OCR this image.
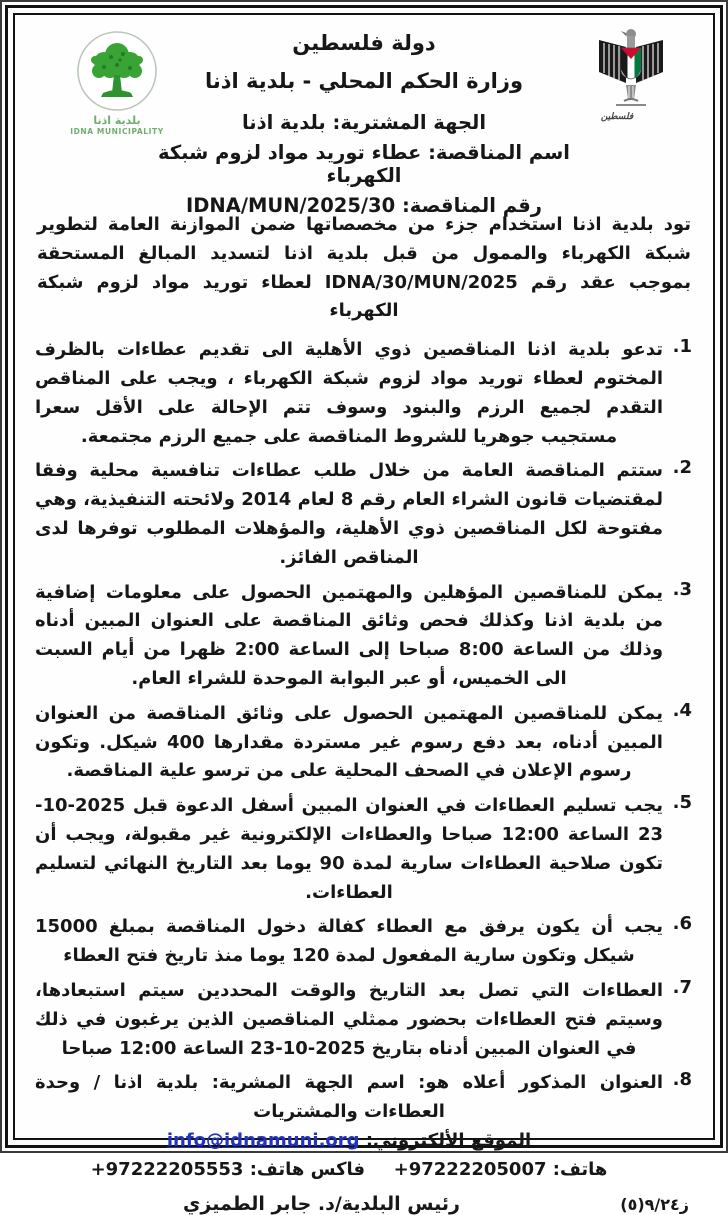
بلدية اذنا
IDNA MUNICIPALITY
فلسطين
دولة فلسطين
وزارة الحكم المحلي - بلدية اذنا
الجهة المشترية: بلدية اذنا
اسم المناقصة: عطاء توريد مواد لزوم شبكة الكهرباء
رقم المناقصة: IDNA/MUN/2025/30
تود بلدية اذنا استخدام جزء من مخصصاتها ضمن الموازنة العامة لتطوير شبكة الكهرباء والممول من قبل بلدية اذنا لتسديد المبالغ المستحقة بموجب عقد رقم IDNA/30/MUN/2025 لعطاء توريد مواد لزوم شبكة الكهرباء
1.
تدعو بلدية اذنا المناقصين ذوي الأهلية الى تقديم عطاءات بالظرف المختوم لعطاء توريد مواد لزوم شبكة الكهرباء ، ويجب على المناقص التقدم لجميع الرزم والبنود وسوف تتم الإحالة على الأقل سعرا مستجيب جوهريا للشروط المناقصة على جميع الرزم مجتمعة.
2.
ستتم المناقصة العامة من خلال طلب عطاءات تنافسية محلية وفقا لمقتضيات قانون الشراء العام رقم 8 لعام 2014 ولائحته التنفيذية، وهي مفتوحة لكل المناقصين ذوي الأهلية، والمؤهلات المطلوب توفرها لدى المناقص الفائز.
3.
يمكن للمناقصين المؤهلين والمهتمين الحصول على معلومات إضافية من بلدية اذنا وكذلك فحص وثائق المناقصة على العنوان المبين أدناه وذلك من الساعة 8:00 صباحا إلى الساعة 2:00 ظهرا من أيام السبت الى الخميس، أو عبر البوابة الموحدة للشراء العام.
4.
يمكن للمناقصين المهتمين الحصول على وثائق المناقصة من العنوان المبين أدناه، بعد دفع رسوم غير مستردة مقدارها 400 شيكل. وتكون رسوم الإعلان في الصحف المحلية على من ترسو علية المناقصة.
5.
يجب تسليم العطاءات في العنوان المبين أسفل الدعوة قبل 2025-10-23 الساعة 12:00 صباحا والعطاءات الإلكترونية غير مقبولة، ويجب أن تكون صلاحية العطاءات سارية لمدة 90 يوما بعد التاريخ النهائي لتسليم العطاءات.
6.
يجب أن يكون يرفق مع العطاء كفالة دخول المناقصة بمبلغ 15000 شيكل وتكون سارية المفعول لمدة 120 يوما منذ تاريخ فتح العطاء
7.
العطاءات التي تصل بعد التاريخ والوقت المحددين سيتم استبعادها، وسيتم فتح العطاءات بحضور ممثلي المناقصين الذين يرغبون في ذلك في العنوان المبين أدناه بتاريخ 2025-10-23 الساعة 12:00 صباحا
8.
العنوان المذكور أعلاه هو: اسم الجهة المشرية: بلدية اذنا / وحدة العطاءات والمشتريات
الموقع الألكتروني: info@idnamuni.org
هاتف: +97222205007  فاكس هاتف: +97222205553
ز٩/٢٤(٥)
رئيس البلدية/د. جابر الطميزي
